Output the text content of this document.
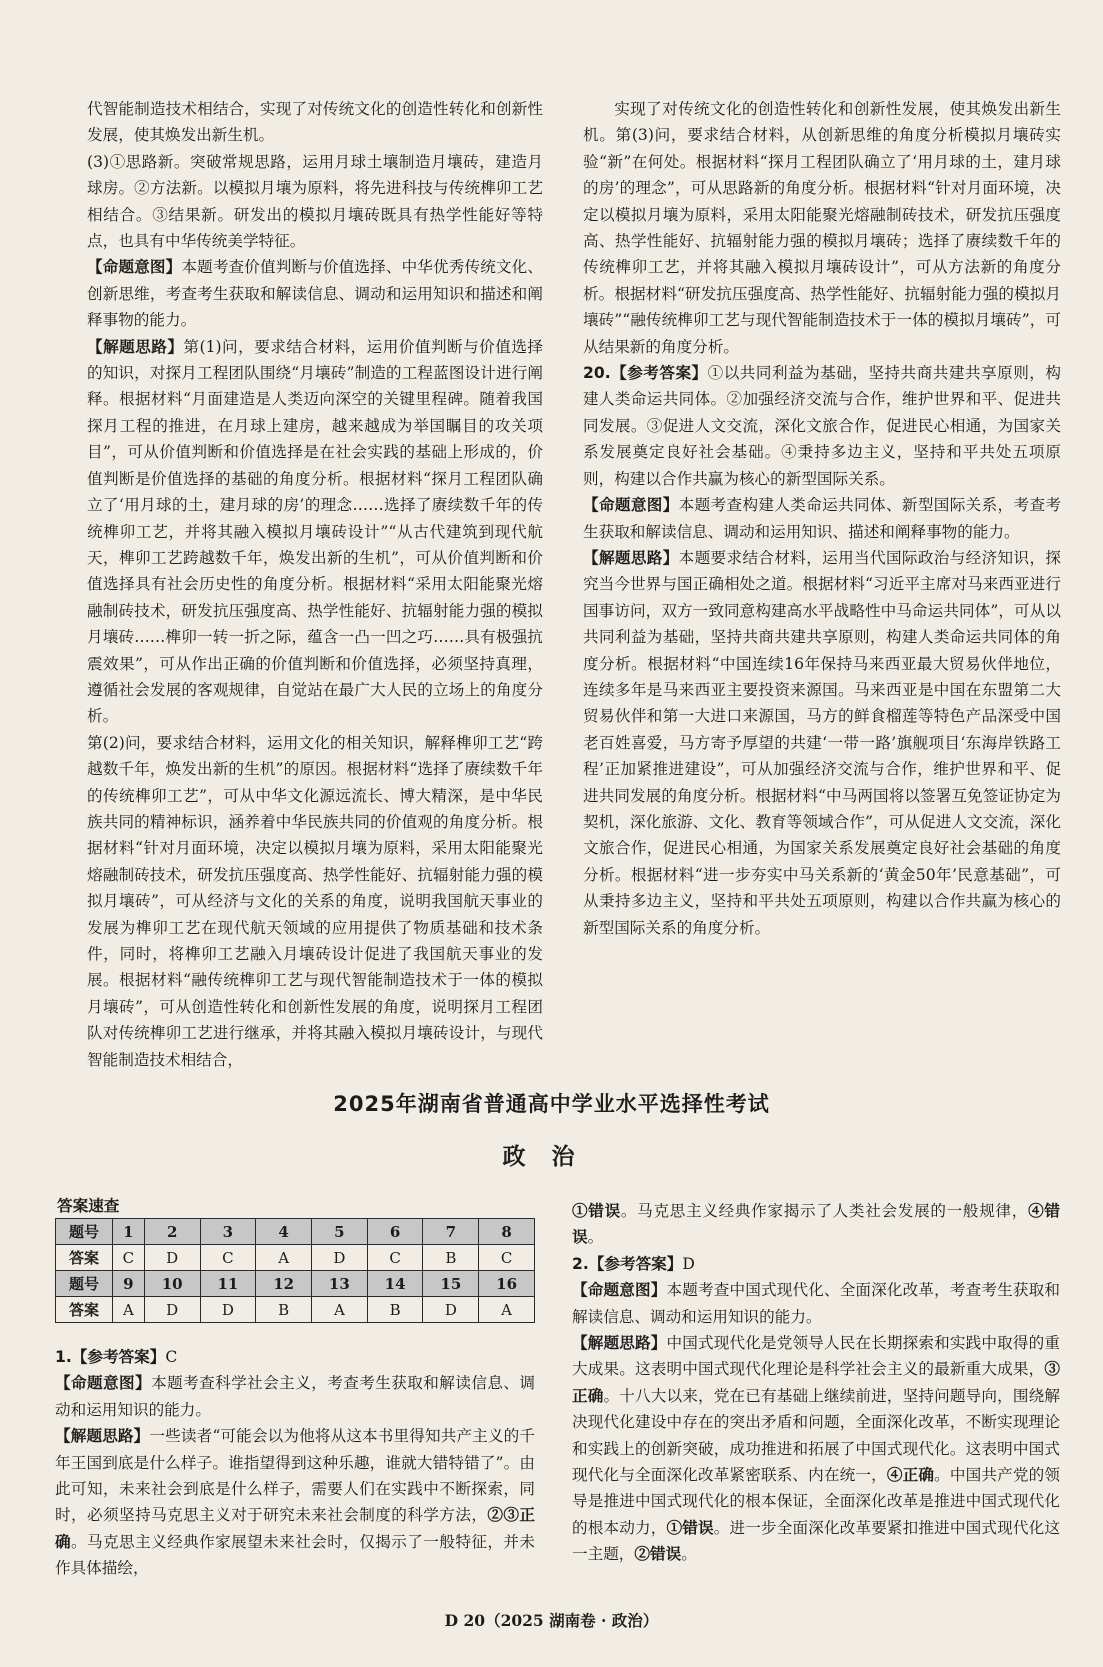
代智能制造技术相结合，实现了对传统文化的创造性转化和创新性发展，使其焕发出新生机。

(3)①思路新。突破常规思路，运用月球土壤制造月壤砖，建造月球房。②方法新。以模拟月壤为原料，将先进科技与传统榫卯工艺相结合。③结果新。研发出的模拟月壤砖既具有热学性能好等特点，也具有中华传统美学特征。

【命题意图】本题考查价值判断与价值选择、中华优秀传统文化、创新思维，考查考生获取和解读信息、调动和运用知识和描述和阐释事物的能力。

【解题思路】第(1)问，要求结合材料，运用价值判断与价值选择的知识，对探月工程团队围绕“月壤砖”制造的工程蓝图设计进行阐释。根据材料“月面建造是人类迈向深空的关键里程碑。随着我国探月工程的推进，在月球上建房，越来越成为举国瞩目的攻关项目”，可从价值判断和价值选择是在社会实践的基础上形成的，价值判断是价值选择的基础的角度分析。根据材料“探月工程团队确立了‘用月球的土，建月球的房’的理念……选择了赓续数千年的传统榫卯工艺，并将其融入模拟月壤砖设计”“从古代建筑到现代航天，榫卯工艺跨越数千年，焕发出新的生机”，可从价值判断和价值选择具有社会历史性的角度分析。根据材料“采用太阳能聚光熔融制砖技术，研发抗压强度高、热学性能好、抗辐射能力强的模拟月壤砖……榫卯一转一折之际，蕴含一凸一凹之巧……具有极强抗震效果”，可从作出正确的价值判断和价值选择，必须坚持真理，遵循社会发展的客观规律，自觉站在最广大人民的立场上的角度分析。

第(2)问，要求结合材料，运用文化的相关知识，解释榫卯工艺“跨越数千年，焕发出新的生机”的原因。根据材料“选择了赓续数千年的传统榫卯工艺”，可从中华文化源远流长、博大精深，是中华民族共同的精神标识，涵养着中华民族共同的价值观的角度分析。根据材料“针对月面环境，决定以模拟月壤为原料，采用太阳能聚光熔融制砖技术，研发抗压强度高、热学性能好、抗辐射能力强的模拟月壤砖”，可从经济与文化的关系的角度，说明我国航天事业的发展为榫卯工艺在现代航天领域的应用提供了物质基础和技术条件，同时，将榫卯工艺融入月壤砖设计促进了我国航天事业的发展。根据材料“融传统榫卯工艺与现代智能制造技术于一体的模拟月壤砖”，可从创造性转化和创新性发展的角度，说明探月工程团队对传统榫卯工艺进行继承，并将其融入模拟月壤砖设计，与现代智能制造技术相结合，

实现了对传统文化的创造性转化和创新性发展，使其焕发出新生机。第(3)问，要求结合材料，从创新思维的角度分析模拟月壤砖实验“新”在何处。根据材料“探月工程团队确立了‘用月球的土，建月球的房’的理念”，可从思路新的角度分析。根据材料“针对月面环境，决定以模拟月壤为原料，采用太阳能聚光熔融制砖技术，研发抗压强度高、热学性能好、抗辐射能力强的模拟月壤砖；选择了赓续数千年的传统榫卯工艺，并将其融入模拟月壤砖设计”，可从方法新的角度分析。根据材料“研发抗压强度高、热学性能好、抗辐射能力强的模拟月壤砖”“融传统榫卯工艺与现代智能制造技术于一体的模拟月壤砖”，可从结果新的角度分析。

20.【参考答案】①以共同利益为基础，坚持共商共建共享原则，构建人类命运共同体。②加强经济交流与合作，维护世界和平、促进共同发展。③促进人文交流，深化文旅合作，促进民心相通，为国家关系发展奠定良好社会基础。④秉持多边主义，坚持和平共处五项原则，构建以合作共赢为核心的新型国际关系。

【命题意图】本题考查构建人类命运共同体、新型国际关系，考查考生获取和解读信息、调动和运用知识、描述和阐释事物的能力。

【解题思路】本题要求结合材料，运用当代国际政治与经济知识，探究当今世界与国正确相处之道。根据材料“习近平主席对马来西亚进行国事访问，双方一致同意构建高水平战略性中马命运共同体”，可从以共同利益为基础，坚持共商共建共享原则，构建人类命运共同体的角度分析。根据材料“中国连续16年保持马来西亚最大贸易伙伴地位，连续多年是马来西亚主要投资来源国。马来西亚是中国在东盟第二大贸易伙伴和第一大进口来源国，马方的鲜食榴莲等特色产品深受中国老百姓喜爱，马方寄予厚望的共建‘一带一路’旗舰项目‘东海岸铁路工程’正加紧推进建设”，可从加强经济交流与合作，维护世界和平、促进共同发展的角度分析。根据材料“中马两国将以签署互免签证协定为契机，深化旅游、文化、教育等领域合作”，可从促进人文交流，深化文旅合作，促进民心相通，为国家关系发展奠定良好社会基础的角度分析。根据材料“进一步夯实中马关系新的‘黄金50年’民意基础”，可从秉持多边主义，坚持和平共处五项原则，构建以合作共赢为核心的新型国际关系的角度分析。

2025年湖南省普通高中学业水平选择性考试
政治
答案速查
题号	1	2	3	4	5	6	7	8
答案	C	D	C	A	D	C	B	C
题号	9	10	11	12	13	14	15	16
答案	A	D	D	B	A	B	D	A

1.【参考答案】C

【命题意图】本题考查科学社会主义，考查考生获取和解读信息、调动和运用知识的能力。

【解题思路】一些读者“可能会以为他将从这本书里得知共产主义的千年王国到底是什么样子。谁指望得到这种乐趣，谁就大错特错了”。由此可知，未来社会到底是什么样子，需要人们在实践中不断探索，同时，必须坚持马克思主义对于研究未来社会制度的科学方法，②③正确。马克思主义经典作家展望未来社会时，仅揭示了一般特征，并未作具体描绘，

①错误。马克思主义经典作家揭示了人类社会发展的一般规律，④错误。

2.【参考答案】D

【命题意图】本题考查中国式现代化、全面深化改革，考查考生获取和解读信息、调动和运用知识的能力。

【解题思路】中国式现代化是党领导人民在长期探索和实践中取得的重大成果。这表明中国式现代化理论是科学社会主义的最新重大成果，③正确。十八大以来，党在已有基础上继续前进，坚持问题导向，围绕解决现代化建设中存在的突出矛盾和问题，全面深化改革，不断实现理论和实践上的创新突破，成功推进和拓展了中国式现代化。这表明中国式现代化与全面深化改革紧密联系、内在统一，④正确。中国共产党的领导是推进中国式现代化的根本保证，全面深化改革是推进中国式现代化的根本动力，①错误。进一步全面深化改革要紧扣推进中国式现代化这一主题，②错误。

D 20（2025 湖南卷 · 政治）
